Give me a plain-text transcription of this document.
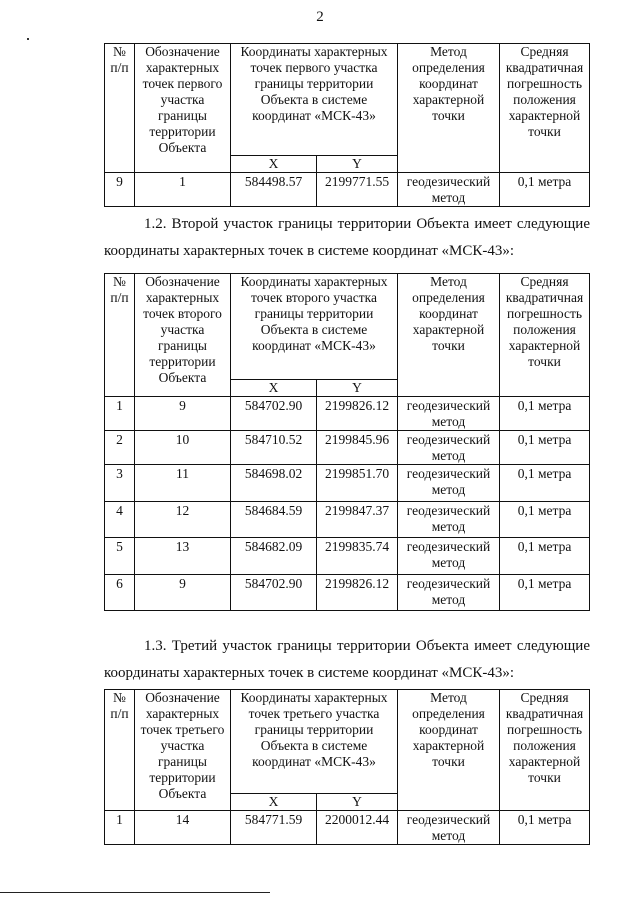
2
№ п/п	Обозначение характерных точек первого участка границы территории Объекта	Координаты характерных точек первого участка границы территории Объекта в системе координат «МСК-43»		Метод определения координат характерной точки	Средняя квадратичная погрешность положения характерной точки
		X	Y		
9	1	584498.57	2199771.55	геодезический метод	0,1 метра

1.2. Второй участок границы территории Объекта имеет следующие координаты характерных точек в системе координат «МСК-43»:

№ п/п	Обозначение характерных точек второго участка границы территории Объекта	Координаты характерных точек второго участка границы территории Объекта в системе координат «МСК-43»		Метод определения координат характерной точки	Средняя квадратичная погрешность положения характерной точки
		X	Y		
1	9	584702.90	2199826.12	геодезический метод	0,1 метра
2	10	584710.52	2199845.96	геодезический метод	0,1 метра
3	11	584698.02	2199851.70	геодезический метод	0,1 метра
4	12	584684.59	2199847.37	геодезический метод	0,1 метра
5	13	584682.09	2199835.74	геодезический метод	0,1 метра
6	9	584702.90	2199826.12	геодезический метод	0,1 метра

1.3. Третий участок границы территории Объекта имеет следующие координаты характерных точек в системе координат «МСК-43»:

№ п/п	Обозначение характерных точек третьего участка границы территории Объекта	Координаты характерных точек третьего участка границы территории Объекта в системе координат «МСК-43»		Метод определения координат характерной точки	Средняя квадратичная погрешность положения характерной точки
		X	Y		
1	14	584771.59	2200012.44	геодезический метод	0,1 метра
